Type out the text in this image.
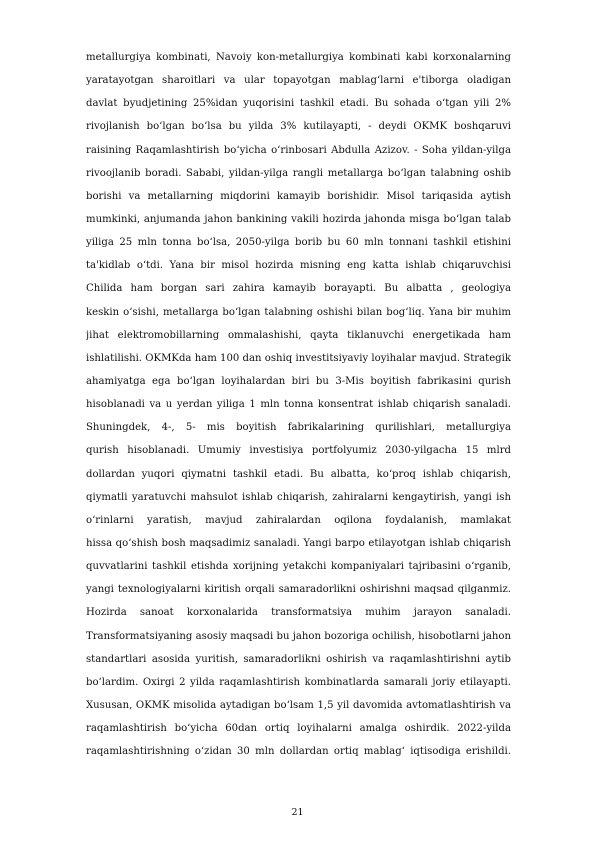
metallurgiya kombinati, Navoiy kon-metallurgiya kombinati kabi korxonalarning
yaratayotgan sharoitlari va ular topayotgan mablag‘larni e'tiborga oladigan
davlat byudjetining 25%idan yuqorisini tashkil etadi. Bu sohada o‘tgan yili 2%
rivojlanish bo‘lgan bo‘lsa bu yilda 3% kutilayapti, - deydi OKMK boshqaruvi
raisining Raqamlashtirish bo‘yicha o‘rinbosari Abdulla Azizov. - Soha yildan-yilga
rivoojlanib boradi. Sababi, yildan-yilga rangli metallarga bo‘lgan talabning oshib
borishi va metallarning miqdorini kamayib borishidir. Misol tariqasida aytish
mumkinki, anjumanda jahon bankining vakili hozirda jahonda misga bo‘lgan talab
yiliga 25 mln tonna bo‘lsa, 2050-yilga borib bu 60 mln tonnani tashkil etishini
ta'kidlab o‘tdi. Yana bir misol hozirda misning eng katta ishlab chiqaruvchisi
Chilida ham borgan sari zahira kamayib borayapti. Bu albatta , geologiya
keskin o‘sishi, metallarga bo‘lgan talabning oshishi bilan bog‘liq. Yana bir muhim
jihat elektromobillarning ommalashishi, qayta tiklanuvchi energetikada ham
ishlatilishi. OKMKda ham 100 dan oshiq investitsiyaviy loyihalar mavjud. Strategik
ahamiyatga ega bo‘lgan loyihalardan biri bu 3-Mis boyitish fabrikasini qurish
hisoblanadi va u yerdan yiliga 1 mln tonna konsentrat ishlab chiqarish sanaladi.
Shuningdek, 4-, 5- mis boyitish fabrikalarining qurilishlari, metallurgiya
qurish hisoblanadi. Umumiy investisiya portfolyumiz 2030-yilgacha 15 mlrd
dollardan yuqori qiymatni tashkil etadi. Bu albatta, ko‘proq ishlab chiqarish,
qiymatli yaratuvchi mahsulot ishlab chiqarish, zahiralarni kengaytirish, yangi ish
o‘rinlarni yaratish, mavjud zahiralardan oqilona foydalanish, mamlakat
hissa qo‘shish bosh maqsadimiz sanaladi. Yangi barpo etilayotgan ishlab chiqarish
quvvatlarini tashkil etishda xorijning yetakchi kompaniyalari tajribasini o‘rganib,
yangi texnologiyalarni kiritish orqali samaradorlikni oshirishni maqsad qilganmiz.
Hozirda sanoat korxonalarida transformatsiya muhim jarayon sanaladi.
Transformatsiyaning asosiy maqsadi bu jahon bozoriga ochilish, hisobotlarni jahon
standartlari asosida yuritish, samaradorlikni oshirish va raqamlashtirishni aytib
bo‘lardim. Oxirgi 2 yilda raqamlashtirish kombinatlarda samarali joriy etilayapti.
Xususan, OKMK misolida aytadigan bo‘lsam 1,5 yil davomida avtomatlashtirish va
raqamlashtirish bo‘yicha 60dan ortiq loyihalarni amalga oshirdik. 2022-yilda
raqamlashtirishning o‘zidan 30 mln dollardan ortiq mablag‘ iqtisodiga erishildi.
21
